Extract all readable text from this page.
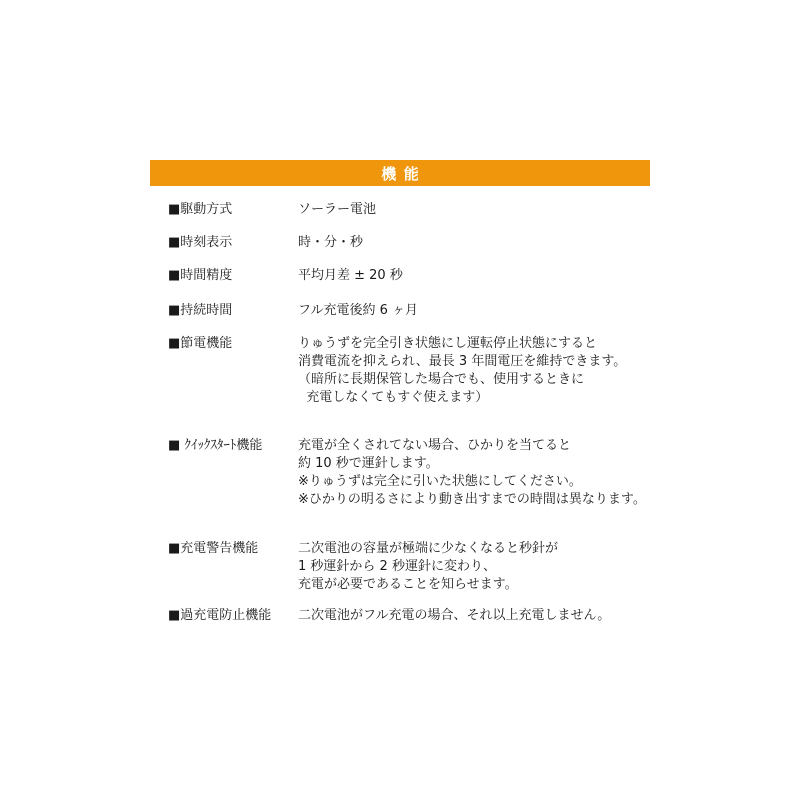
機能
■駆動方式	ソーラー電池
■時刻表示	時・分・秒
■時間精度	平均月差 ± 20 秒
■持続時間	フル充電後約 6 ヶ月
■節電機能	りゅうずを完全引き状態にし運転停止状態にすると
消費電流を抑えられ、最長 3 年間電圧を維持できます。
（暗所に長期保管した場合でも、使用するときに
充電しなくてもすぐ使えます）
■ ｸｲｯｸｽﾀｰﾄ機能	充電が全くされてない場合、ひかりを当てると
約 10 秒で運針します。
※りゅうずは完全に引いた状態にしてください。
※ひかりの明るさにより動き出すまでの時間は異なります。
■充電警告機能	二次電池の容量が極端に少なくなると秒針が
1 秒運針から 2 秒運針に変わり、
充電が必要であることを知らせます。
■過充電防止機能 二次電池がフル充電の場合、それ以上充電しません。
